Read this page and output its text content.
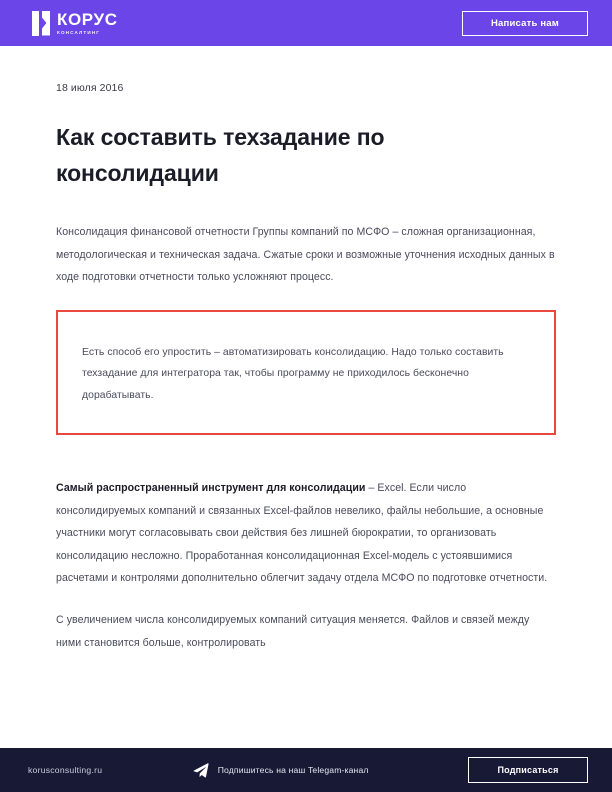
КОРУС
КОНСАЛТИНГ
Написать нам
18 июля 2016
Как составить техзадание по консолидации

Консолидация финансовой отчетности Группы компаний по МСФО – сложная организационная, методологическая и техническая задача. Сжатые сроки и возможные уточнения исходных данных в ходе подготовки отчетности только усложняют процесс.

Есть способ его упростить – автоматизировать консолидацию. Надо только составить техзадание для интегратора так, чтобы программу не приходилось бесконечно дорабатывать.

Самый распространенный инструмент для консолидации – Excel. Если число консолидируемых компаний и связанных Excel-файлов невелико, файлы небольшие, а основные участники могут согласовывать свои действия без лишней бюрократии, то организовать консолидацию несложно. Проработанная консолидационная Excel-модель с устоявшимися расчетами и контролями дополнительно облегчит задачу отдела МСФО по подготовке отчетности.

С увеличением числа консолидируемых компаний ситуация меняется. Файлов и связей между ними становится больше, контролировать

korusconsulting.ru	Подпишитесь на наш Telegam-канал	Подписаться
